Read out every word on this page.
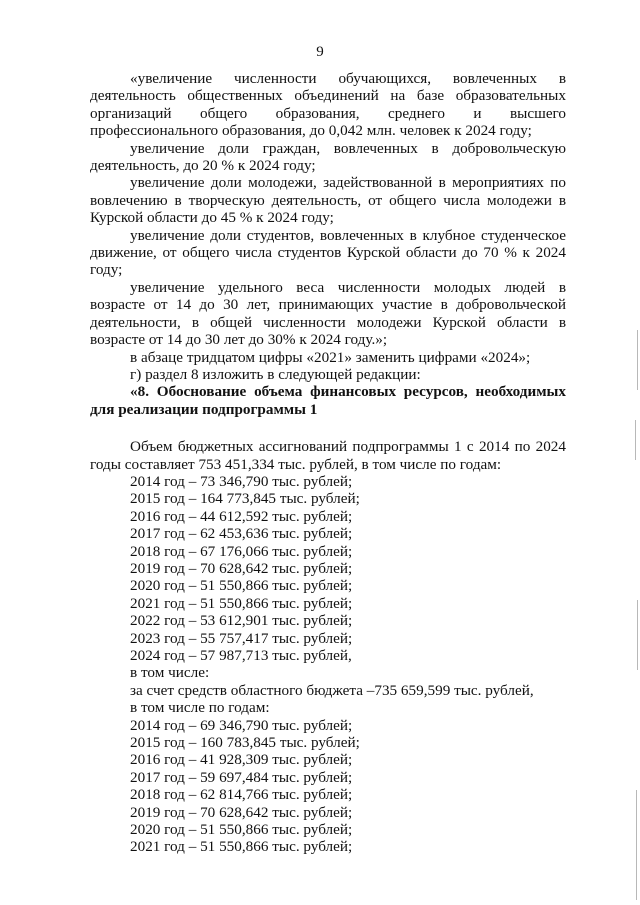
9

«увеличение численности обучающихся, вовлеченных в деятельность общественных объединений на базе образовательных организаций общего образования, среднего и высшего профессионального образования, до 0,042 млн. человек к 2024 году;

увеличение доли граждан, вовлеченных в добровольческую деятельность, до 20 % к 2024 году;

увеличение доли молодежи, задействованной в мероприятиях по вовлечению в творческую деятельность, от общего числа молодежи в Курской области до 45 % к 2024 году;

увеличение доли студентов, вовлеченных в клубное студенческое движение, от общего числа студентов Курской области до 70 % к 2024 году;

увеличение удельного веса численности молодых людей в возрасте от 14 до 30 лет, принимающих участие в добровольческой деятельности, в общей численности молодежи Курской области в возрасте от 14 до 30 лет до 30% к 2024 году.»;

в абзаце тридцатом цифры «2021» заменить цифрами «2024»;

г) раздел 8 изложить в следующей редакции:

«8. Обоснование объема финансовых ресурсов, необходимых для реализации подпрограммы 1

Объем бюджетных ассигнований подпрограммы 1 с 2014 по 2024 годы составляет 753 451,334 тыс. рублей, в том числе по годам:

2014 год – 73 346,790 тыс. рублей;

2015 год – 164 773,845 тыс. рублей;

2016 год – 44 612,592 тыс. рублей;

2017 год – 62 453,636 тыс. рублей;

2018 год – 67 176,066 тыс. рублей;

2019 год – 70 628,642 тыс. рублей;

2020 год – 51 550,866 тыс. рублей;

2021 год – 51 550,866 тыс. рублей;

2022 год – 53 612,901 тыс. рублей;

2023 год – 55 757,417 тыс. рублей;

2024 год – 57 987,713 тыс. рублей,

в том числе:

за счет средств областного бюджета –735 659,599 тыс. рублей,

в том числе по годам:

2014 год – 69 346,790 тыс. рублей;

2015 год – 160 783,845 тыс. рублей;

2016 год – 41 928,309 тыс. рублей;

2017 год – 59 697,484 тыс. рублей;

2018 год – 62 814,766 тыс. рублей;

2019 год – 70 628,642 тыс. рублей;

2020 год – 51 550,866 тыс. рублей;

2021 год – 51 550,866 тыс. рублей;
